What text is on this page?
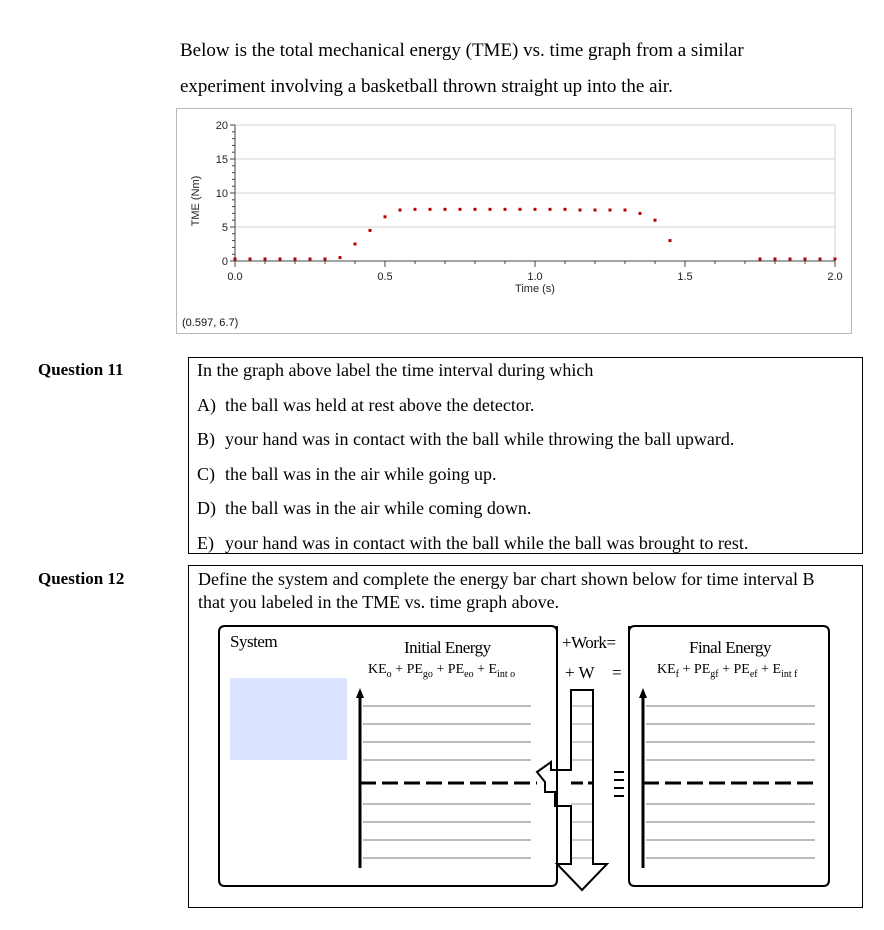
Below is the total mechanical energy (TME) vs. time graph from a similar
experiment involving a basketball thrown straight up into the air.
0
5
10
15
20
0.0	0.5	1.0	1.5	2.0
Time (s)
TME (Nm)
(0.597, 6.7)
Question 11	In the graph above label the time interval during which
A) the ball was held at rest above the detector.
B) your hand was in contact with the ball while throwing the ball upward.
C) the ball was in the air while going up.
D) the ball was in the air while coming down.
E) your hand was in contact with the ball while the ball was brought to rest.
Question 12	Define the system and complete the energy bar chart shown below for time interval B that you labeled in the TME vs. time graph above.
System	Initial Energy	+Work=
+ W =
Final Energy
$KE_o + PE_{go} + PE_{eo} + E_{int o}$	$KE_f + PE_{gf} + PE_{ef} + E_{int f}$
